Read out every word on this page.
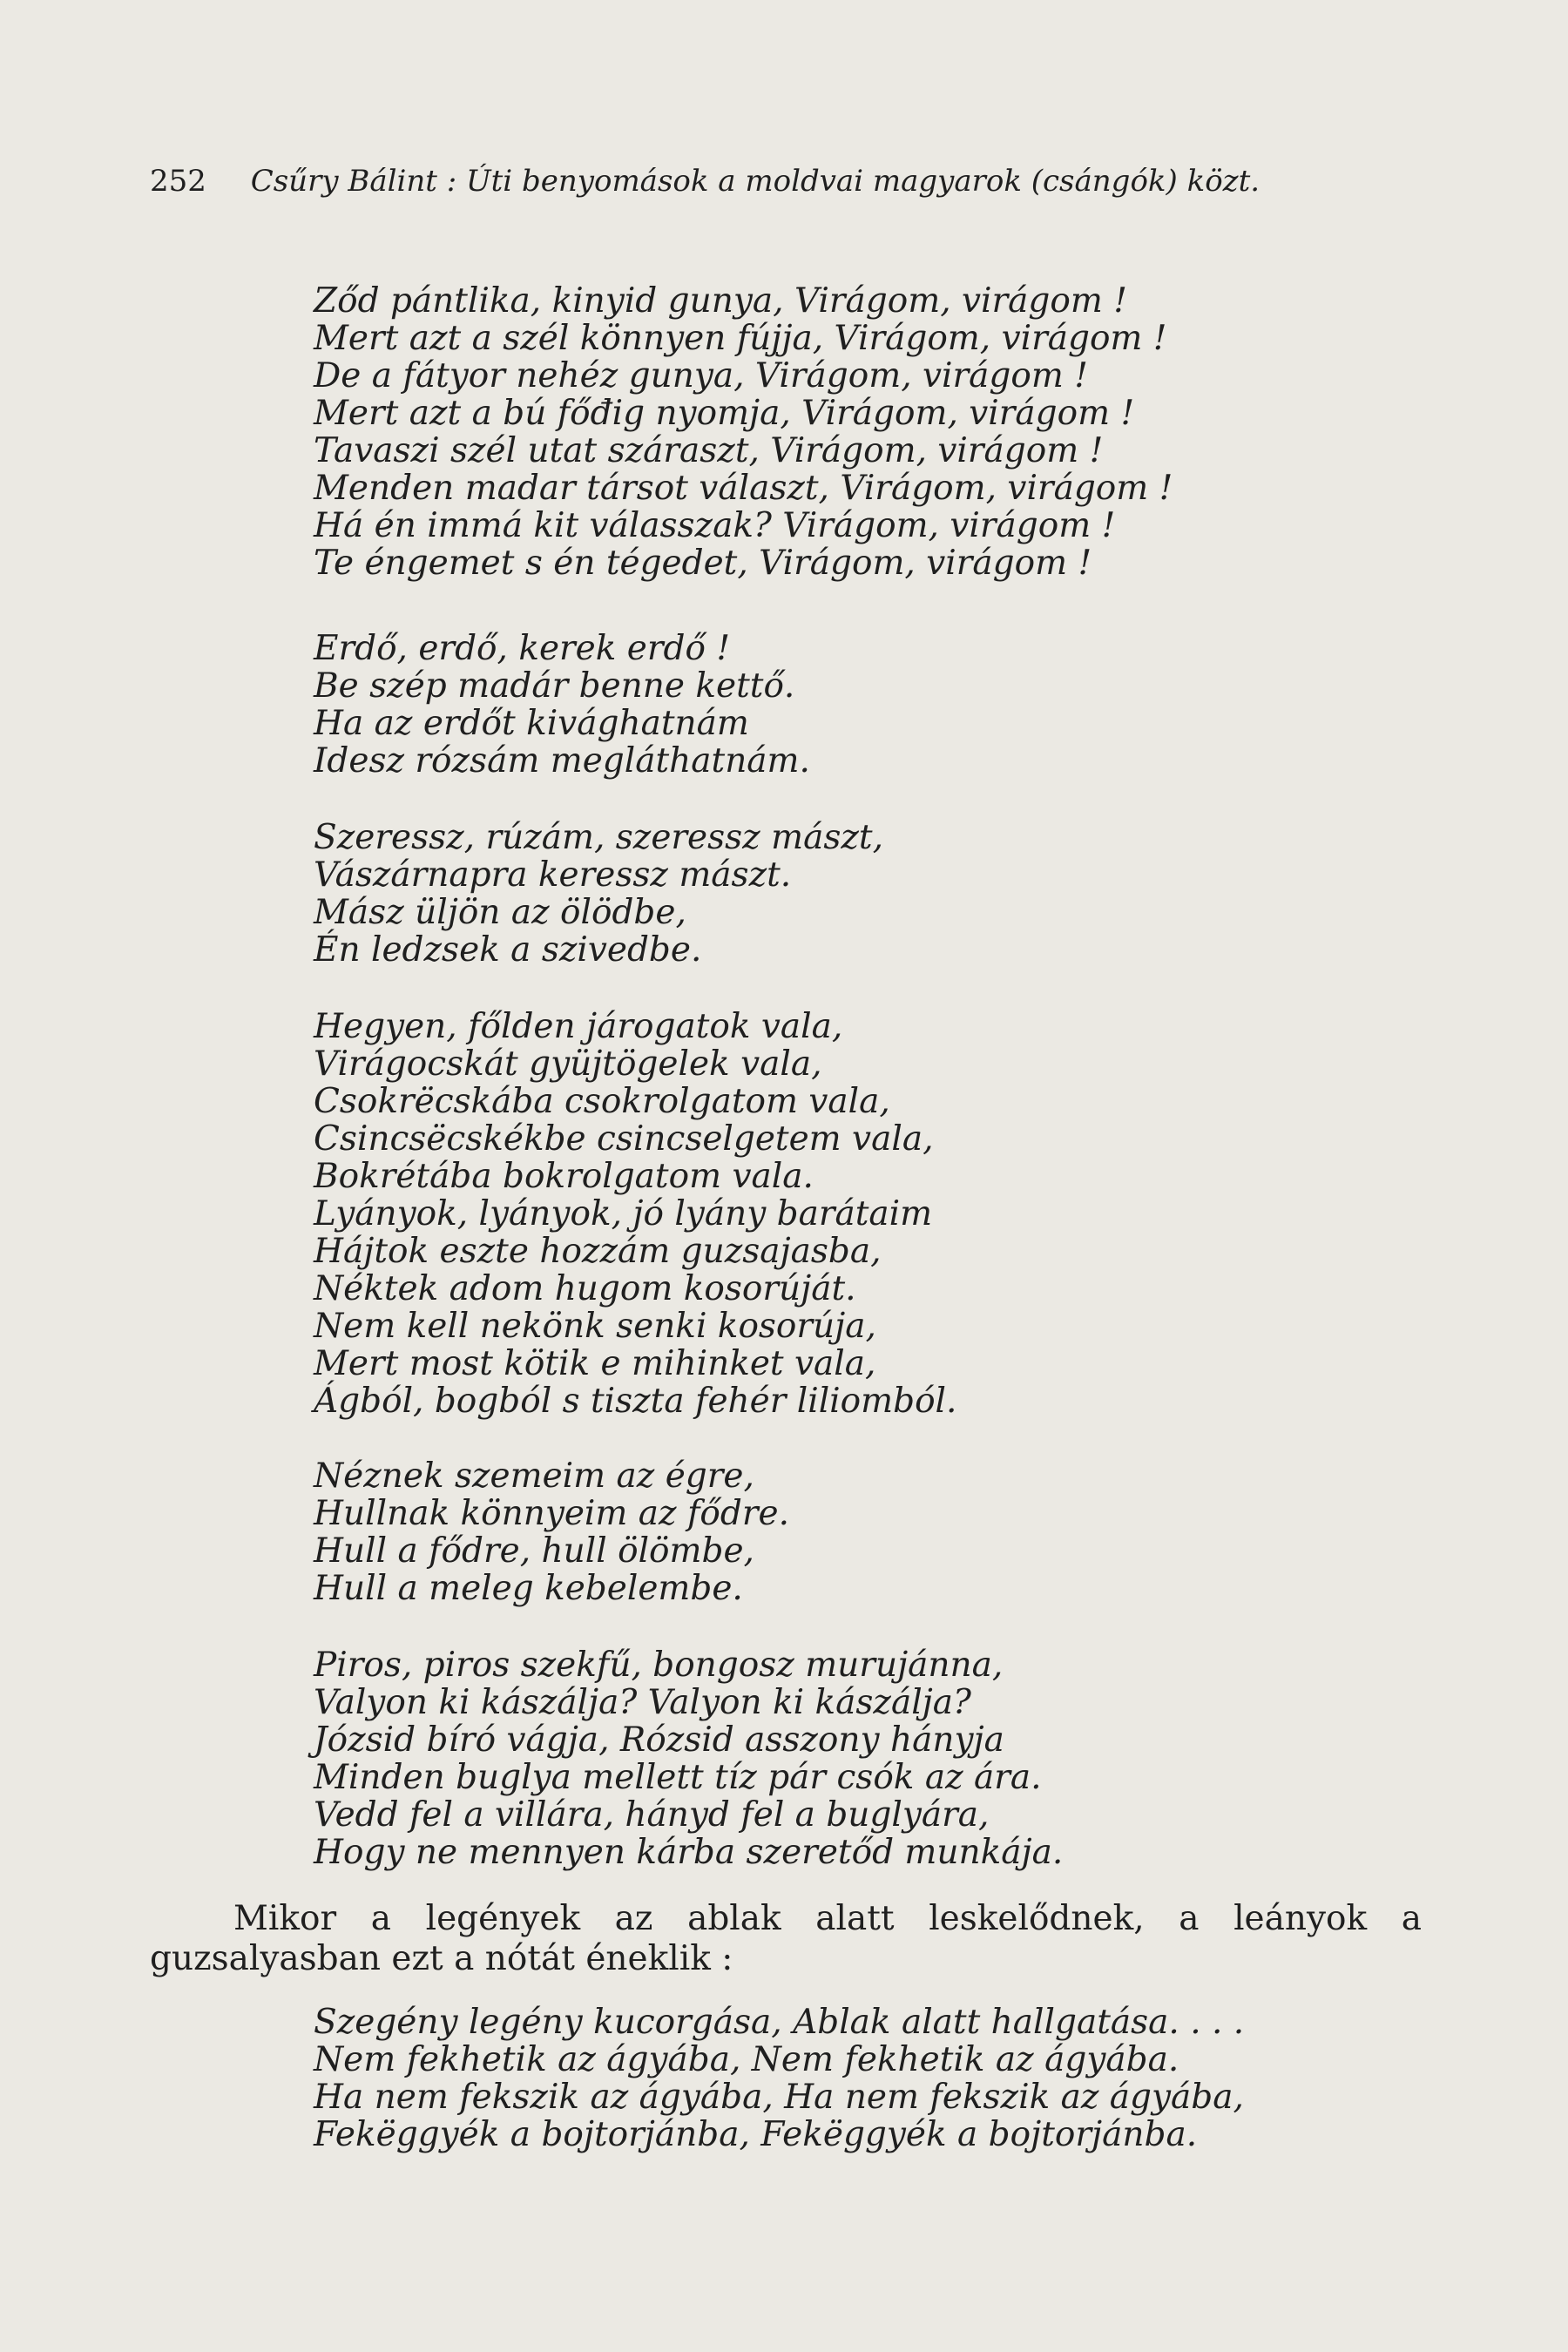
252 Csűry Bálint : Úti benyomások a moldvai magyarok (csángók) közt.
Ződ pántlika, kinyid gunya, Virágom, virágom !
Mert azt a szél könnyen fújja, Virágom, virágom !
De a fátyor nehéz gunya, Virágom, virágom !
Mert azt a bú főđig nyomja, Virágom, virágom !
Tavaszi szél utat száraszt, Virágom, virágom !
Menden madar társot választ, Virágom, virágom !
Há én immá kit válasszak? Virágom, virágom !
Te éngemet s én tégedet, Virágom, virágom !
Erdő, erdő, kerek erdő !
Be szép madár benne kettő.
Ha az erdőt kivághatnám
Idesz rózsám megláthatnám.
Szeressz, rúzám, szeressz mászt,
Vászárnapra keressz mászt.
Mász üljön az ölödbe,
Én ledzsek a szivedbe.
Hegyen, főlden járogatok vala,
Virágocskát gyüjtögelek vala,
Csokrëcskába csokrolgatom vala,
Csincsëcskékbe csincselgetem vala,
Bokrétába bokrolgatom vala.
Lyányok, lyányok, jó lyány barátaim
Hájtok eszte hozzám guzsajasba,
Néktek adom hugom kosorúját.
Nem kell nekönk senki kosorúja,
Mert most kötik e mihinket vala,
Ágból, bogból s tiszta fehér liliomból.
Néznek szemeim az égre,
Hullnak könnyeim az fődre.
Hull a fődre, hull ölömbe,
Hull a meleg kebelembe.
Piros, piros szekfű, bongosz murujánna,
Valyon ki kászálja? Valyon ki kászálja?
Józsid bíró vágja, Rózsid asszony hányja
Minden buglya mellett tíz pár csók az ára.
Vedd fel a villára, hányd fel a buglyára,
Hogy ne mennyen kárba szeretőd munkája.
Mikor a legények az ablak alatt leskelődnek, a leányok a guzsalyasban ezt a nótát éneklik :
Szegény legény kucorgása, Ablak alatt hallgatása. . . .
Nem fekhetik az ágyába, Nem fekhetik az ágyába.
Ha nem fekszik az ágyába, Ha nem fekszik az ágyába,
Fekëggyék a bojtorjánba, Fekëggyék a bojtorjánba.
